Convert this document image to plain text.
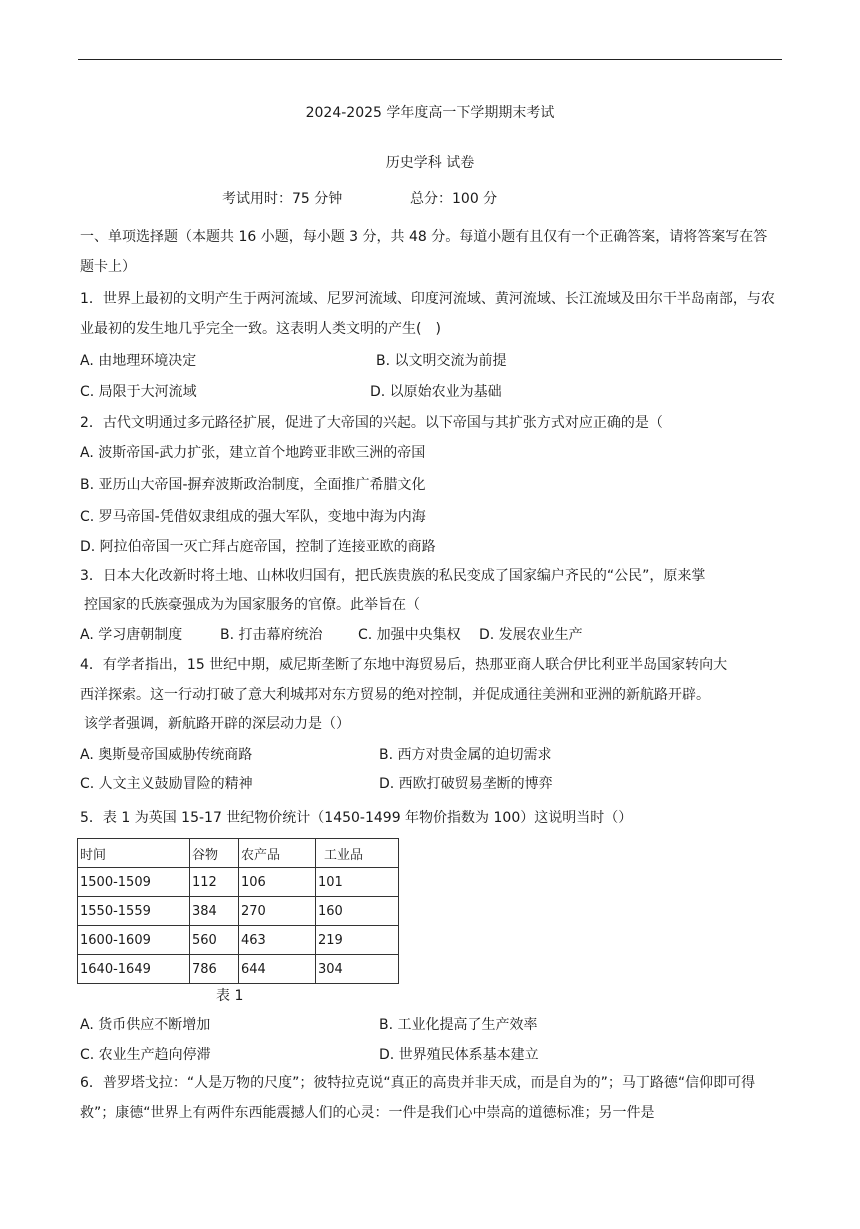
2024-2025 学年度高一下学期期末考试
历史学科 试卷
考试用时：75 分钟	总分：100 分
一、单项选择题（本题共 16 小题，每小题 3 分，共 48 分。每道小题有且仅有一个正确答案，请将答案写在答题卡上）
1．世界上最初的文明产生于两河流域、尼罗河流域、印度河流域、黄河流域、长江流域及田尔干半岛南部，与农业最初的发生地几乎完全一致。这表明人类文明的产生(　)
A. 由地理环境决定	B. 以文明交流为前提
C. 局限于大河流域	D. 以原始农业为基础
2．古代文明通过多元路径扩展，促进了大帝国的兴起。以下帝国与其扩张方式对应正确的是（
A. 波斯帝国-武力扩张，建立首个地跨亚非欧三洲的帝国
B. 亚历山大帝国-摒弃波斯政治制度，全面推广希腊文化
C. 罗马帝国-凭借奴隶组成的强大军队，变地中海为内海
D. 阿拉伯帝国一灭亡拜占庭帝国，控制了连接亚欧的商路
3．日本大化改新时将土地、山林收归国有，把氏族贵族的私民变成了国家编户齐民的“公民”，原来掌
控国家的氏族豪强成为为国家服务的官僚。此举旨在（
A. 学习唐朝制度	B. 打击幕府统治	C. 加强中央集权 D. 发展农业生产
4．有学者指出，15 世纪中期，威尼斯垄断了东地中海贸易后，热那亚商人联合伊比利亚半岛国家转向大
西洋探索。这一行动打破了意大利城邦对东方贸易的绝对控制，并促成通往美洲和亚洲的新航路开辟。
该学者强调，新航路开辟的深层动力是（）
A. 奥斯曼帝国威胁传统商路	B. 西方对贵金属的迫切需求
C. 人文主义鼓励冒险的精神	D. 西欧打破贸易垄断的博弈
5．表 1 为英国 15-17 世纪物价统计（1450-1499 年物价指数为 100）这说明当时（）
时间	谷物	农产品	工业品
1500-1509	112	106	101
1550-1559	384	270	160
1600-1609	560	463	219
1640-1649	786	644	304
表 1
A. 货币供应不断增加	B. 工业化提高了生产效率
C. 农业生产趋向停滞	D. 世界殖民体系基本建立
6．普罗塔戈拉：“人是万物的尺度”；彼特拉克说“真正的高贵并非天成，而是自为的”；马丁路德“信仰即可得救”；康德“世界上有两件东西能震撼人们的心灵：一件是我们心中崇高的道德标准；另一件是
